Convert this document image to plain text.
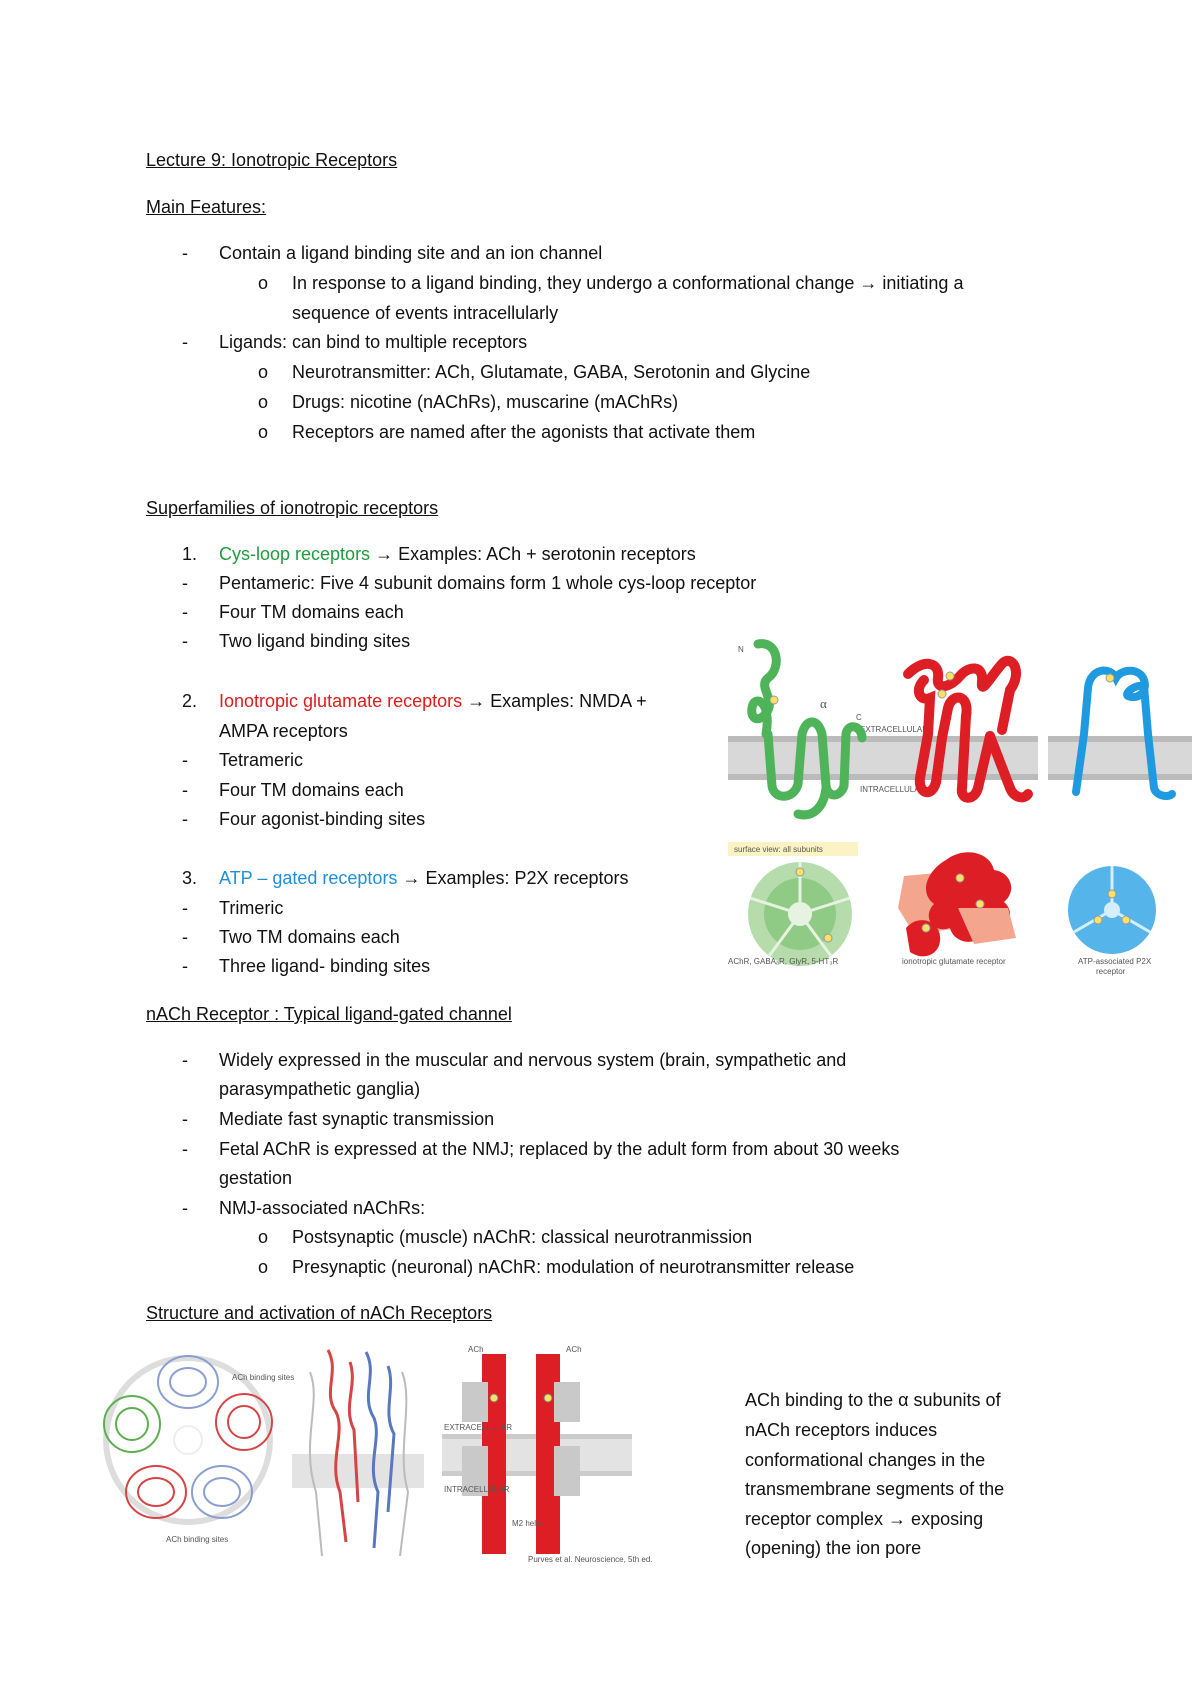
Lecture 9: Ionotropic Receptors
Main Features:
- Contain a ligand binding site and an ion channel
o In response to a ligand binding, they undergo a conformational change → initiating a
sequence of events intracellularly
- Ligands: can bind to multiple receptors
o Neurotransmitter: ACh, Glutamate, GABA, Serotonin and Glycine
o Drugs: nicotine (nAChRs), muscarine (mAChRs)
o Receptors are named after the agonists that activate them
Superfamilies of ionotropic receptors
1. Cys-loop receptors → Examples: ACh + serotonin receptors
- Pentameric: Five 4 subunit domains form 1 whole cys-loop receptor
- Four TM domains each
- Two ligand binding sites
2. Ionotropic glutamate receptors → Examples: NMDA +
AMPA receptors
- Tetrameric
- Four TM domains each
- Four agonist-binding sites
3. ATP – gated receptors → Examples: P2X receptors
- Trimeric
- Two TM domains each
- Three ligand- binding sites
EXTRACELLULAR
INTRACELLULAR
N
C
α
surface view: all subunits
AChR, GABAₐR, GlyR, 5-HT₃R	ionotropic glutamate receptor	ATP-associated P2X
receptor
nACh Receptor : Typical ligand-gated channel
- Widely expressed in the muscular and nervous system (brain, sympathetic and
parasympathetic ganglia)
- Mediate fast synaptic transmission
- Fetal AChR is expressed at the NMJ; replaced by the adult form from about 30 weeks
gestation
- NMJ-associated nAChRs:
o Postsynaptic (muscle) nAChR: classical neurotranmission
o Presynaptic (neuronal) nAChR: modulation of neurotransmitter release
Structure and activation of nACh Receptors
ACh binding sites
ACh binding sites
ACh	ACh
EXTRACELLULAR
INTRACELLULAR
M2 helix
Purves et al. Neuroscience, 5th ed.
ACh binding to the α subunits of
nACh receptors induces
conformational changes in the
transmembrane segments of the
receptor complex → exposing
(opening) the ion pore
